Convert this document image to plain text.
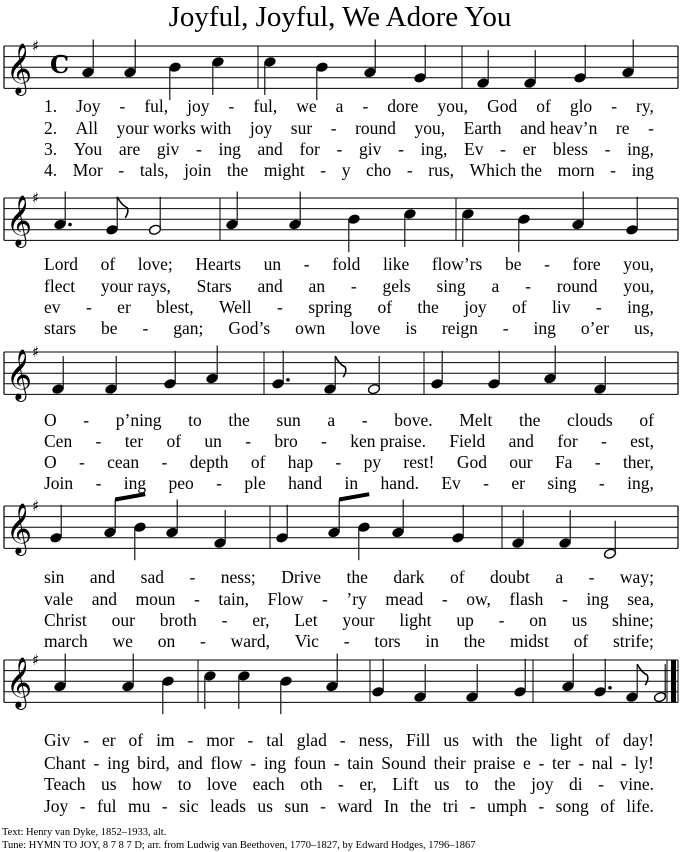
Joyful, Joyful, We Adore You
𝄞 ♯
C
𝄞 ♯
𝄞 ♯
𝄞 ♯
𝄞 ♯
1. Joy - ful, joy - ful, we a - dore you, God of glo - ry,
2. All your works with joy sur - round you, Earth and heav’n re -
3. You are giv - ing and for - giv - ing, Ev - er bless - ing,
4. Mor - tals, join the might - y cho - rus, Which the morn - ing
Lord of love; Hearts un - fold like flow’rs be - fore you,
flect your rays, Stars and an - gels sing a - round you,
ev - er blest, Well - spring of the joy of liv - ing,
stars be - gan; God’s own love is reign - ing o’er us,
O - p’ning to the sun a - bove. Melt the clouds of
Cen - ter of un - bro - ken praise. Field and for - est,
O - cean - depth of hap - py rest! God our Fa - ther,
Join - ing peo - ple hand in hand. Ev - er sing - ing,
sin and sad - ness; Drive the dark of doubt a - way;
vale and moun - tain, Flow - ’ry mead - ow, flash - ing sea,
Christ our broth - er, Let your light up - on us shine;
march we on - ward, Vic - tors in the midst of strife;
Giv - er of im - mor - tal glad - ness, Fill us with the light of day!
Chant - ing bird, and flow - ing foun - tain Sound their praise e - ter - nal - ly!
Teach us how to love each oth - er, Lift us to the joy di - vine.
Joy - ful mu - sic leads us sun - ward In the tri - umph - song of life.
Text: Henry van Dyke, 1852–1933, alt.
Tune: HYMN TO JOY, 8 7 8 7 D; arr. from Ludwig van Beethoven, 1770–1827, by Edward Hodges, 1796–1867
